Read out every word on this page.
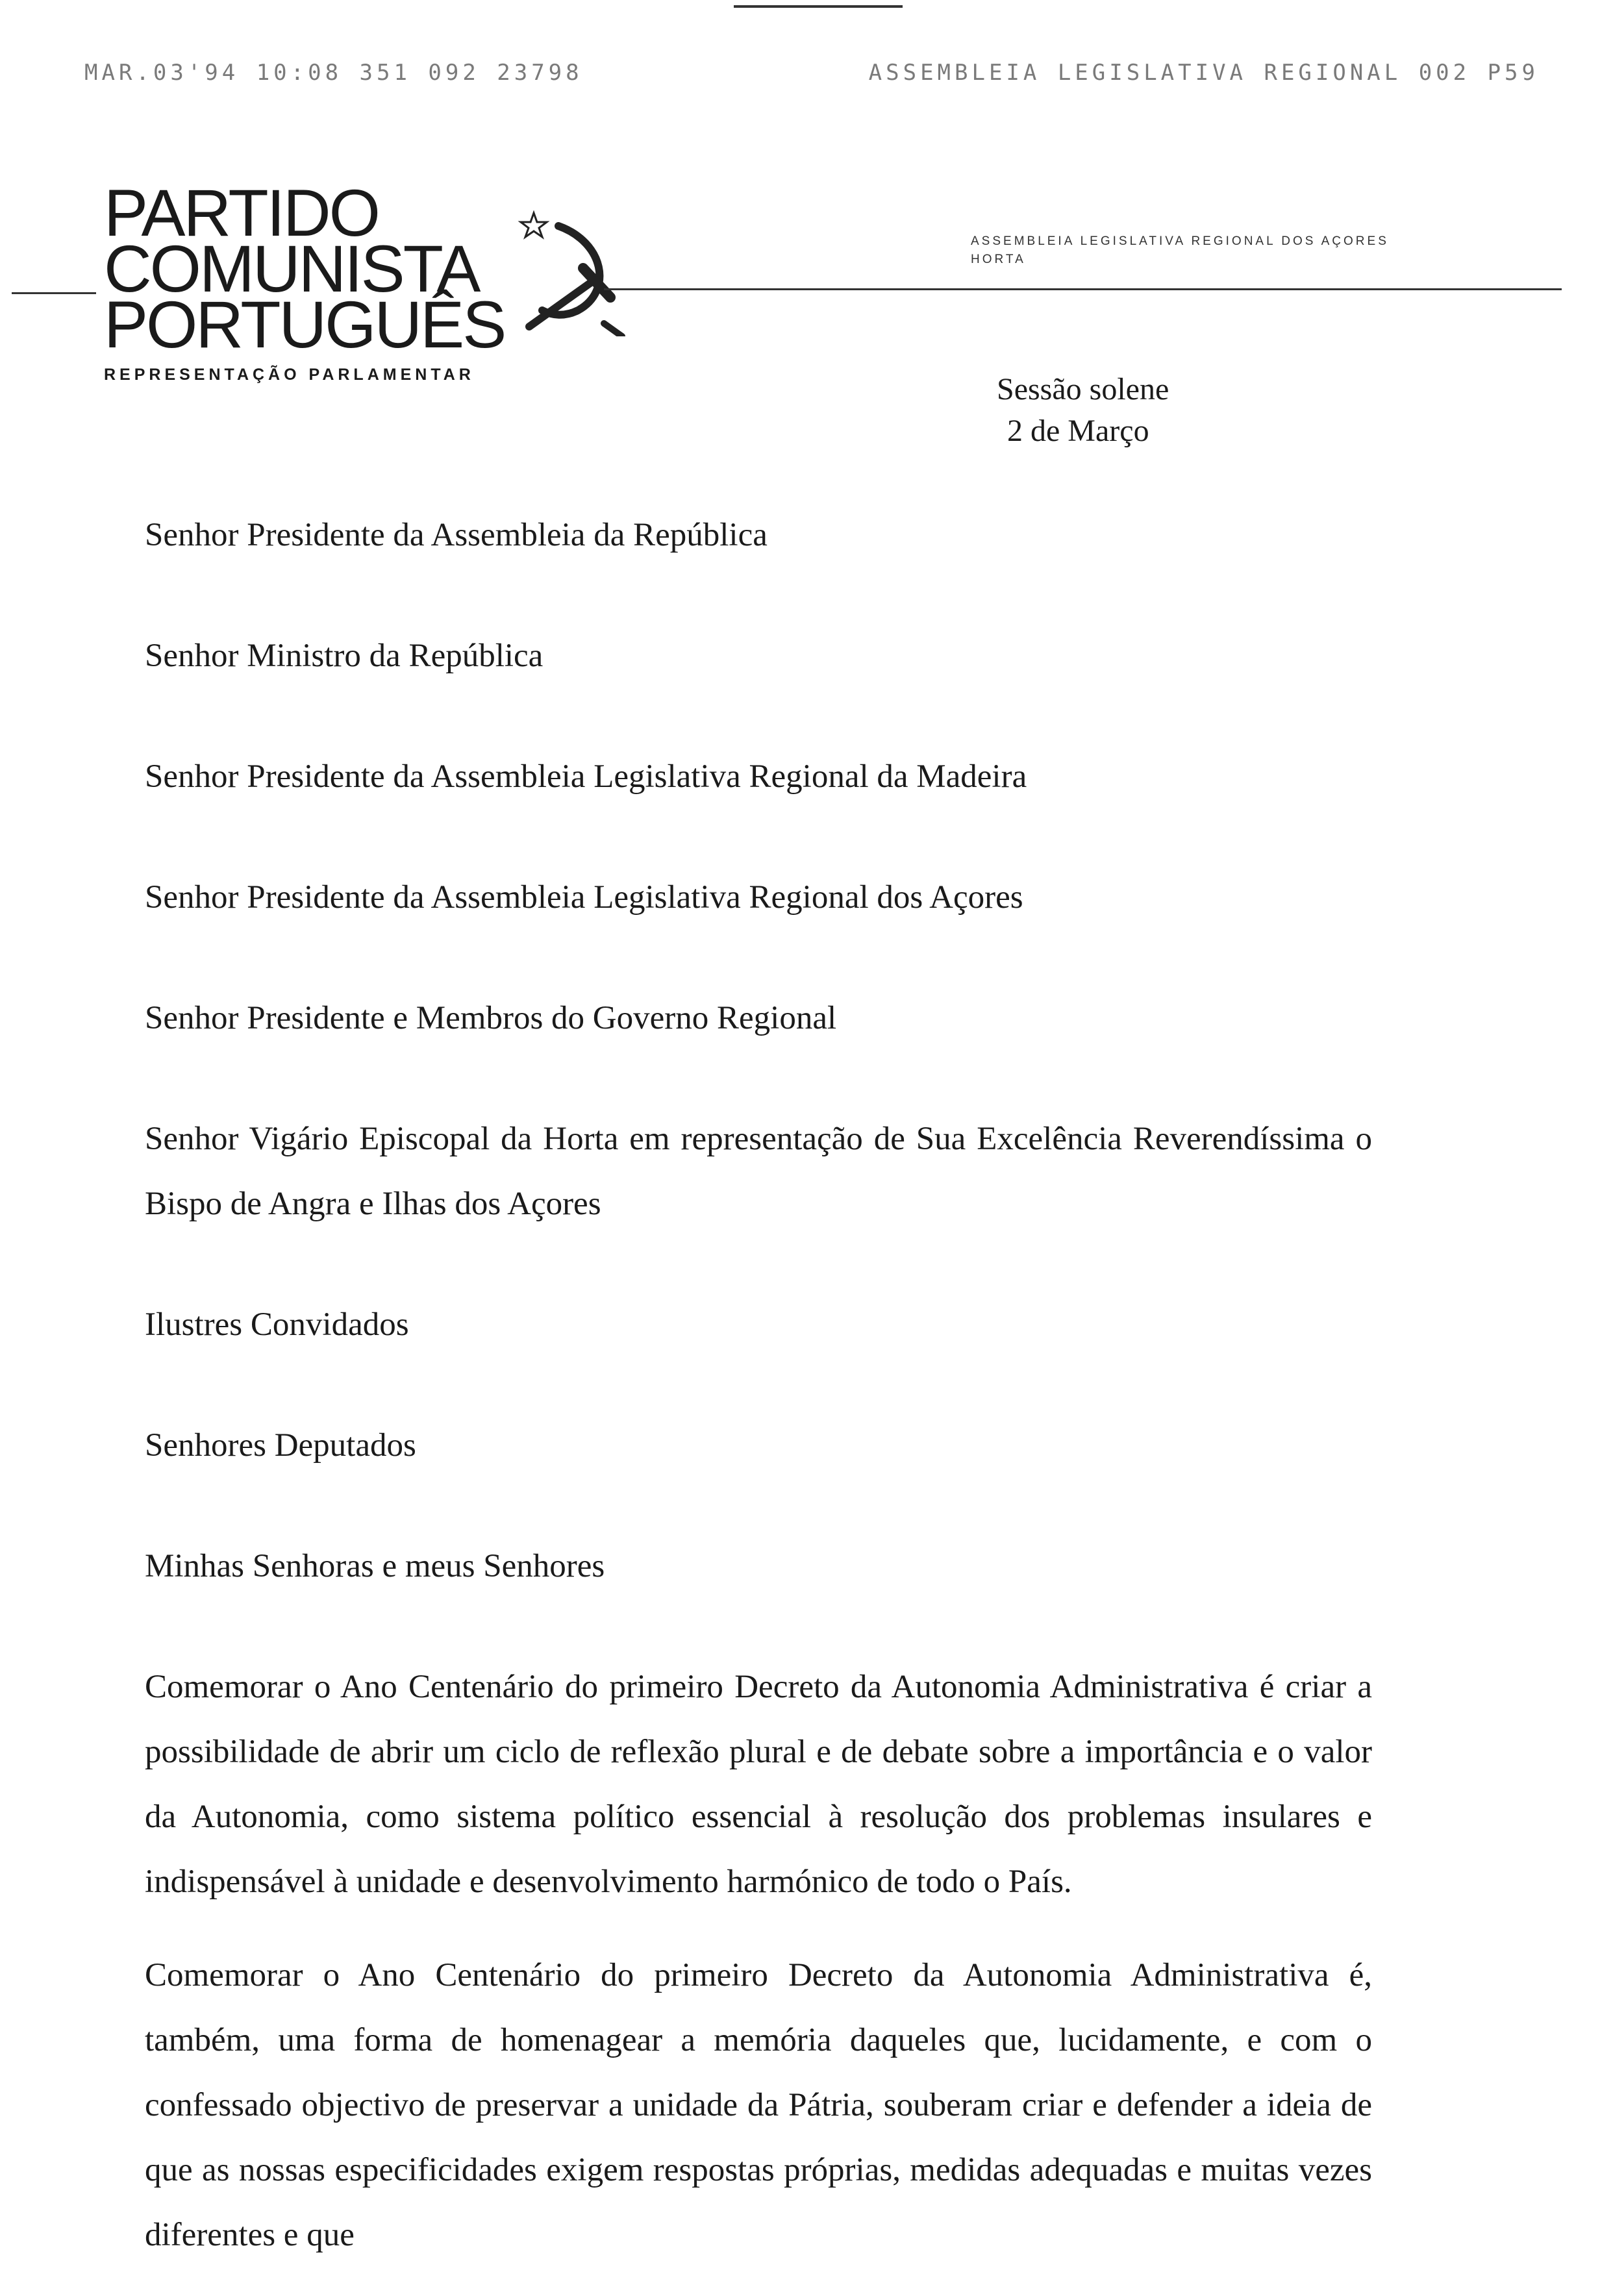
MAR.03'94 10:08 351 092 23798	ASSEMBLEIA LEGISLATIVA REGIONAL 002 P59
PARTIDO
COMUNISTA
PORTUGUÊS
REPRESENTAÇÃO PARLAMENTAR
ASSEMBLEIA LEGISLATIVA REGIONAL DOS AÇORES
HORTA
Sessão solene
2 de Março
Senhor Presidente da Assembleia da República
Senhor Ministro da República
Senhor Presidente da Assembleia Legislativa Regional da Madeira
Senhor Presidente da Assembleia Legislativa Regional dos Açores
Senhor Presidente e Membros do Governo Regional
Senhor Vigário Episcopal da Horta em representação de Sua Excelência Reverendíssima o Bispo de Angra e Ilhas dos Açores
Ilustres Convidados
Senhores Deputados
Minhas Senhoras e meus Senhores

Comemorar o Ano Centenário do primeiro Decreto da Autonomia Administrativa é criar a possibilidade de abrir um ciclo de reflexão plural e de debate sobre a importância e o valor da Autonomia, como sistema político essencial à resolução dos problemas insulares e indispensável à unidade e desenvolvimento harmónico de todo o País.

Comemorar o Ano Centenário do primeiro Decreto da Autonomia Administrativa é, também, uma forma de homenagear a memória daqueles que, lucidamente, e com o confessado objectivo de preservar a unidade da Pátria, souberam criar e defender a ideia de que as nossas especificidades exigem respostas próprias, medidas adequadas e muitas vezes diferentes e que
